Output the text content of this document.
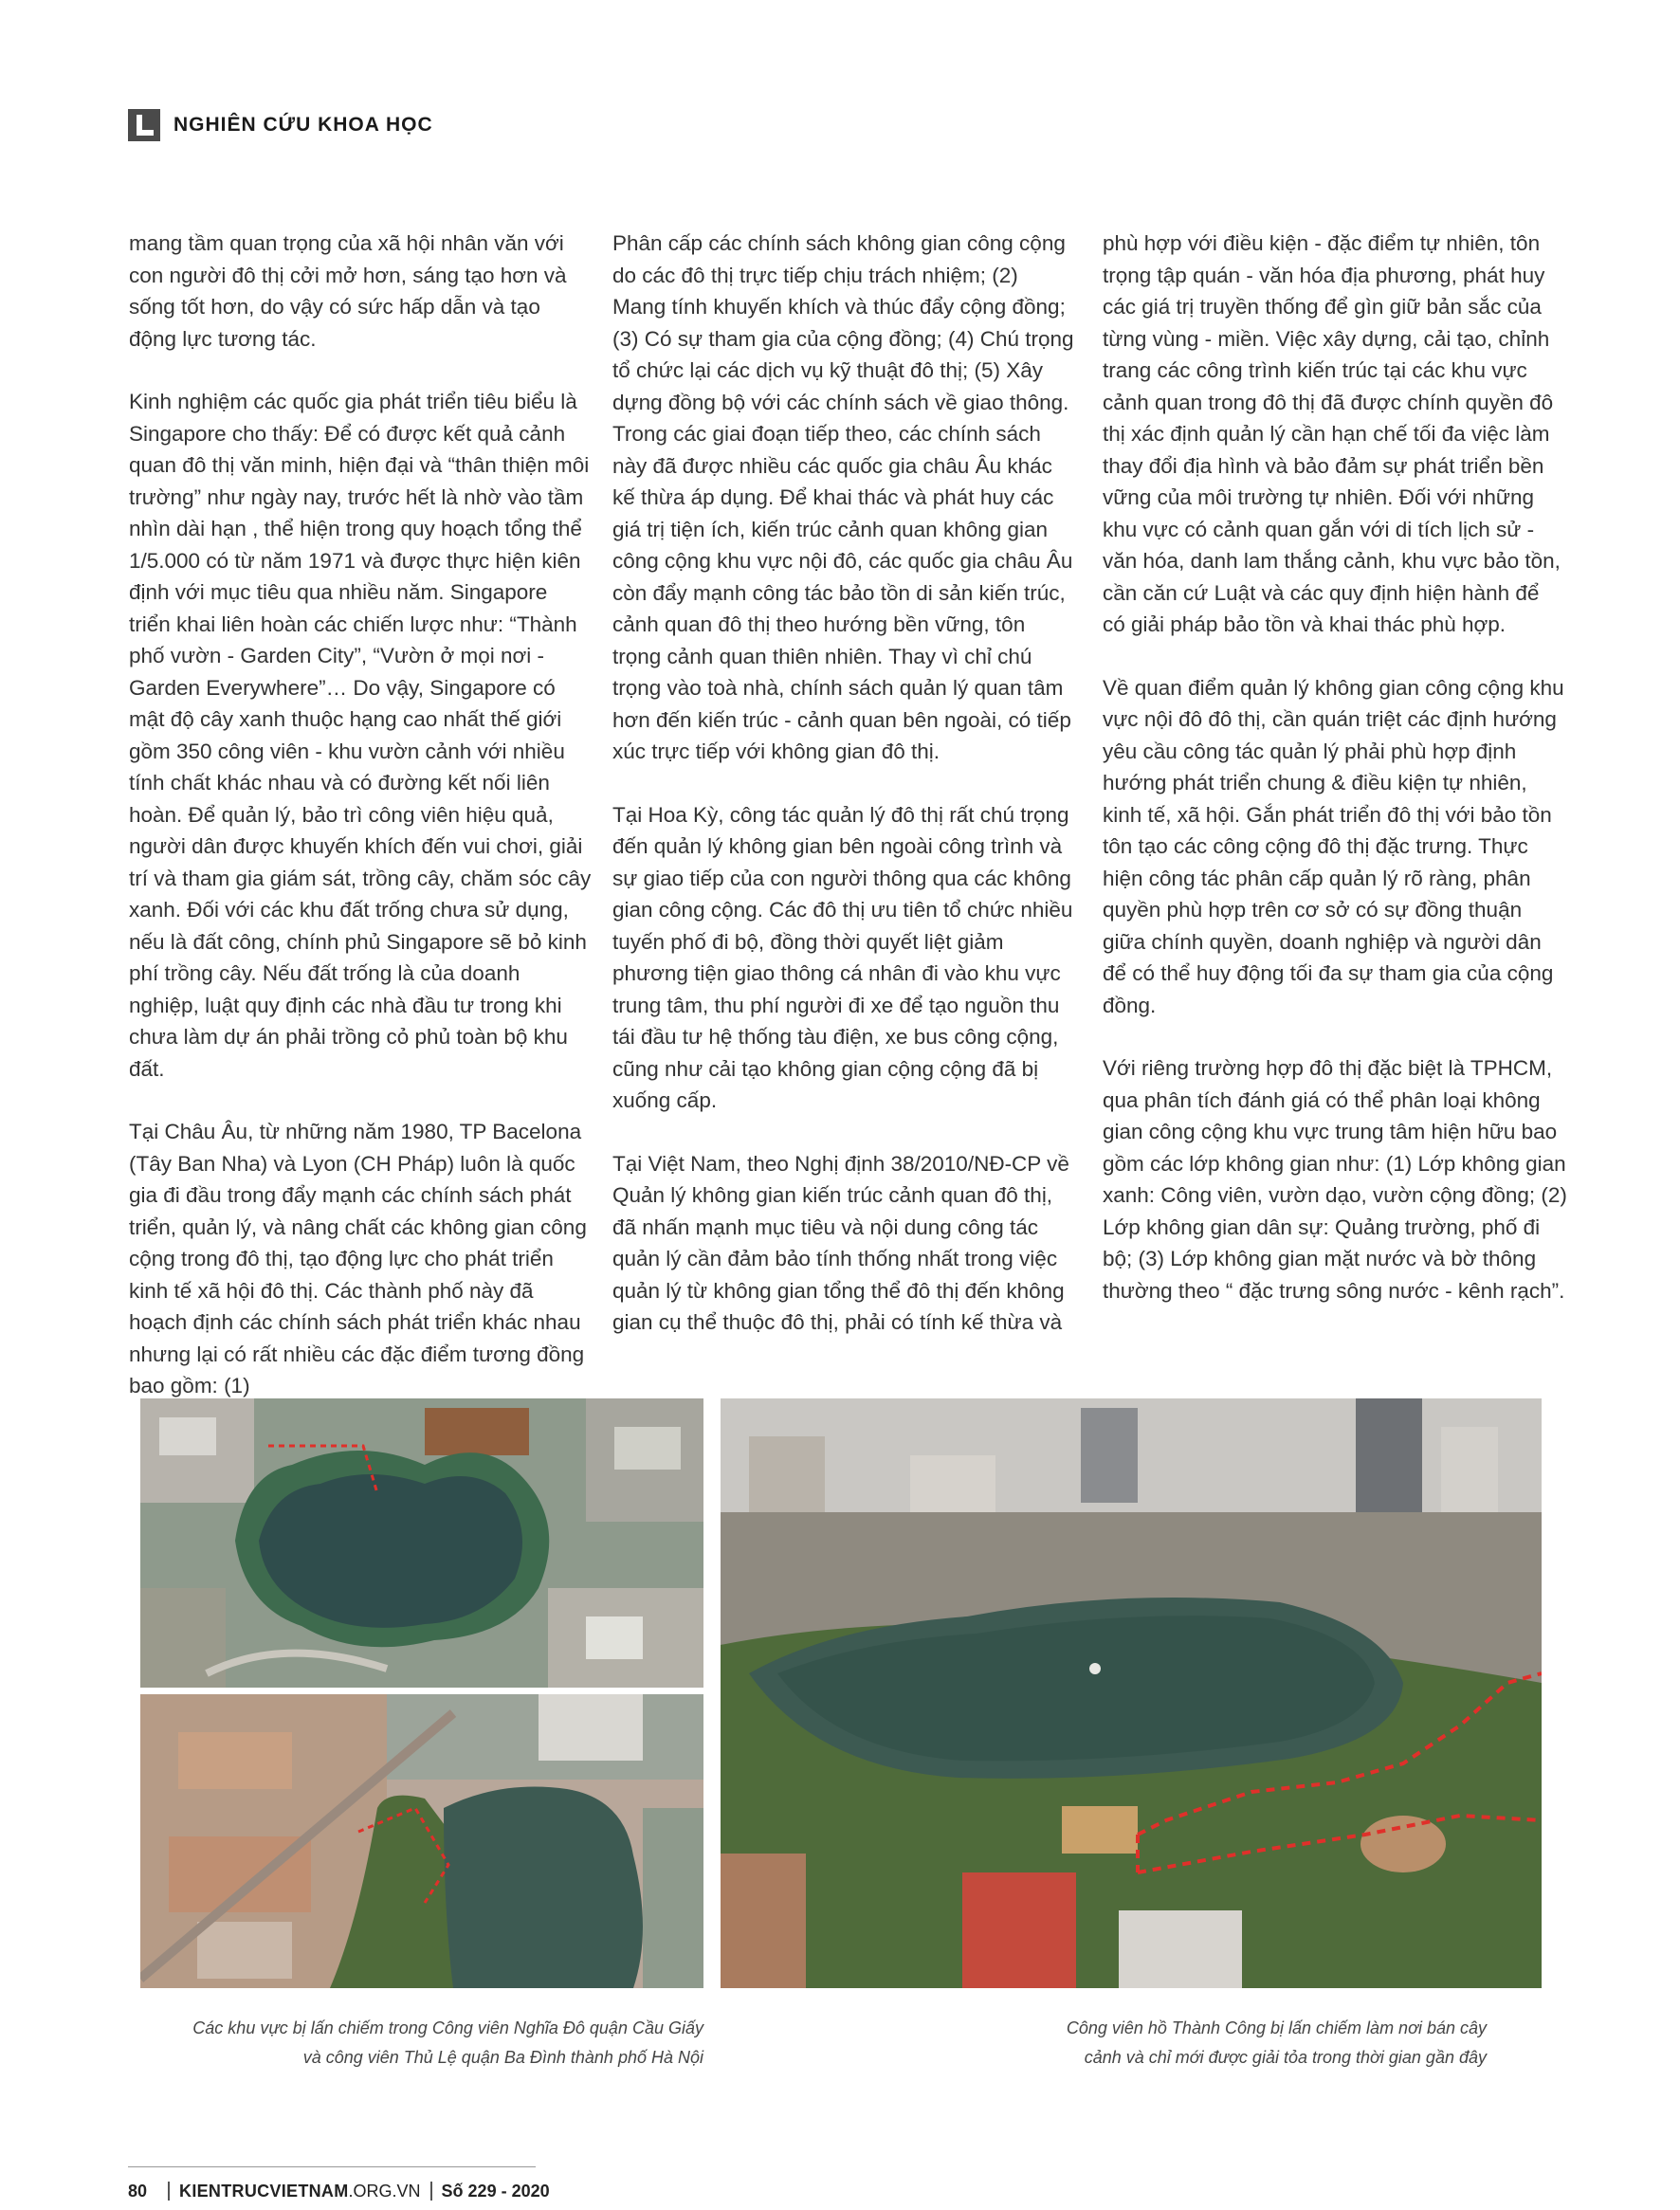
NGHIÊN CỨU KHOA HỌC

mang tầm quan trọng của xã hội nhân văn với con người đô thị cởi mở hơn, sáng tạo hơn và sống tốt hơn, do vậy có sức hấp dẫn và tạo động lực tương tác.

Kinh nghiệm các quốc gia phát triển tiêu biểu là Singapore cho thấy: Để có được kết quả cảnh quan đô thị văn minh, hiện đại và “thân thiện môi trường” như ngày nay, trước hết là nhờ vào tầm nhìn dài hạn , thể hiện trong quy hoạch tổng thể 1/5.000 có từ năm 1971 và được thực hiện kiên định với mục tiêu qua nhiều năm. Singapore triển khai liên hoàn các chiến lược như: “Thành phố vườn - Garden City”, “Vườn ở mọi nơi - Garden Everywhere”… Do vậy, Singapore có mật độ cây xanh thuộc hạng cao nhất thế giới gồm 350 công viên - khu vườn cảnh với nhiều tính chất khác nhau và có đường kết nối liên hoàn. Để quản lý, bảo trì công viên hiệu quả, người dân được khuyến khích đến vui chơi, giải trí và tham gia giám sát, trồng cây, chăm sóc cây xanh. Đối với các khu đất trống chưa sử dụng, nếu là đất công, chính phủ Singapore sẽ bỏ kinh phí trồng cây. Nếu đất trống là của doanh nghiệp, luật quy định các nhà đầu tư trong khi chưa làm dự án phải trồng cỏ phủ toàn bộ khu đất.

Tại Châu Âu, từ những năm 1980, TP Bacelona (Tây Ban Nha) và Lyon (CH Pháp) luôn là quốc gia đi đầu trong đẩy mạnh các chính sách phát triển, quản lý, và nâng chất các không gian công cộng trong đô thị, tạo động lực cho phát triển kinh tế xã hội đô thị. Các thành phố này đã hoạch định các chính sách phát triển khác nhau nhưng lại có rất nhiều các đặc điểm tương đồng bao gồm: (1)

Phân cấp các chính sách không gian công cộng do các đô thị trực tiếp chịu trách nhiệm; (2) Mang tính khuyến khích và thúc đẩy cộng đồng; (3) Có sự tham gia của cộng đồng; (4) Chú trọng tổ chức lại các dịch vụ kỹ thuật đô thị; (5) Xây dựng đồng bộ với các chính sách về giao thông. Trong các giai đoạn tiếp theo, các chính sách này đã được nhiều các quốc gia châu Âu khác kế thừa áp dụng. Để khai thác và phát huy các giá trị tiện ích, kiến trúc cảnh quan không gian công cộng khu vực nội đô, các quốc gia châu Âu còn đẩy mạnh công tác bảo tồn di sản kiến trúc, cảnh quan đô thị theo hướng bền vững, tôn trọng cảnh quan thiên nhiên. Thay vì chỉ chú trọng vào toà nhà, chính sách quản lý quan tâm hơn đến kiến trúc - cảnh quan bên ngoài, có tiếp xúc trực tiếp với không gian đô thị.

Tại Hoa Kỳ, công tác quản lý đô thị rất chú trọng đến quản lý không gian bên ngoài công trình và sự giao tiếp của con người thông qua các không gian công cộng. Các đô thị ưu tiên tổ chức nhiều tuyến phố đi bộ, đồng thời quyết liệt giảm phương tiện giao thông cá nhân đi vào khu vực trung tâm, thu phí người đi xe để tạo nguồn thu tái đầu tư hệ thống tàu điện, xe bus công cộng, cũng như cải tạo không gian cộng cộng đã bị xuống cấp.

Tại Việt Nam, theo Nghị định 38/2010/NĐ-CP về Quản lý không gian kiến trúc cảnh quan đô thị, đã nhấn mạnh mục tiêu và nội dung công tác quản lý cần đảm bảo tính thống nhất trong việc quản lý từ không gian tổng thể đô thị đến không gian cụ thể thuộc đô thị, phải có tính kế thừa và

phù hợp với điều kiện - đặc điểm tự nhiên, tôn trọng tập quán - văn hóa địa phương, phát huy các giá trị truyền thống để gìn giữ bản sắc của từng vùng - miền. Việc xây dựng, cải tạo, chỉnh trang các công trình kiến trúc tại các khu vực cảnh quan trong đô thị đã được chính quyền đô thị xác định quản lý cần hạn chế tối đa việc làm thay đổi địa hình và bảo đảm sự phát triển bền vững của môi trường tự nhiên. Đối với những khu vực có cảnh quan gắn với di tích lịch sử - văn hóa, danh lam thắng cảnh, khu vực bảo tồn, cần căn cứ Luật và các quy định hiện hành để có giải pháp bảo tồn và khai thác phù hợp.

Về quan điểm quản lý không gian công cộng khu vực nội đô đô thị, cần quán triệt các định hướng yêu cầu công tác quản lý phải phù hợp định hướng phát triển chung & điều kiện tự nhiên, kinh tế, xã hội. Gắn phát triển đô thị với bảo tồn tôn tạo các công cộng đô thị đặc trưng. Thực hiện công tác phân cấp quản lý rõ ràng, phân quyền phù hợp trên cơ sở có sự đồng thuận giữa chính quyền, doanh nghiệp và người dân để có thể huy động tối đa sự tham gia của cộng đồng.

Với riêng trường hợp đô thị đặc biệt là TPHCM, qua phân tích đánh giá có thể phân loại không gian công cộng khu vực trung tâm hiện hữu bao gồm các lớp không gian như: (1) Lớp không gian xanh: Công viên, vườn dạo, vườn cộng đồng; (2) Lớp không gian dân sự: Quảng trường, phố đi bộ; (3) Lớp không gian mặt nước và bờ thông thường theo “ đặc trưng sông nước - kênh rạch”.

Các khu vực bị lấn chiếm trong Công viên Nghĩa Đô quận Cầu Giấy
và công viên Thủ Lệ quận Ba Đình thành phố Hà Nội
Công viên hồ Thành Công bị lấn chiếm làm nơi bán cây
cảnh và chỉ mới được giải tỏa trong thời gian gần đây
80 KIENTRUCVIETNAM .ORG.VN Số 229 - 2020
